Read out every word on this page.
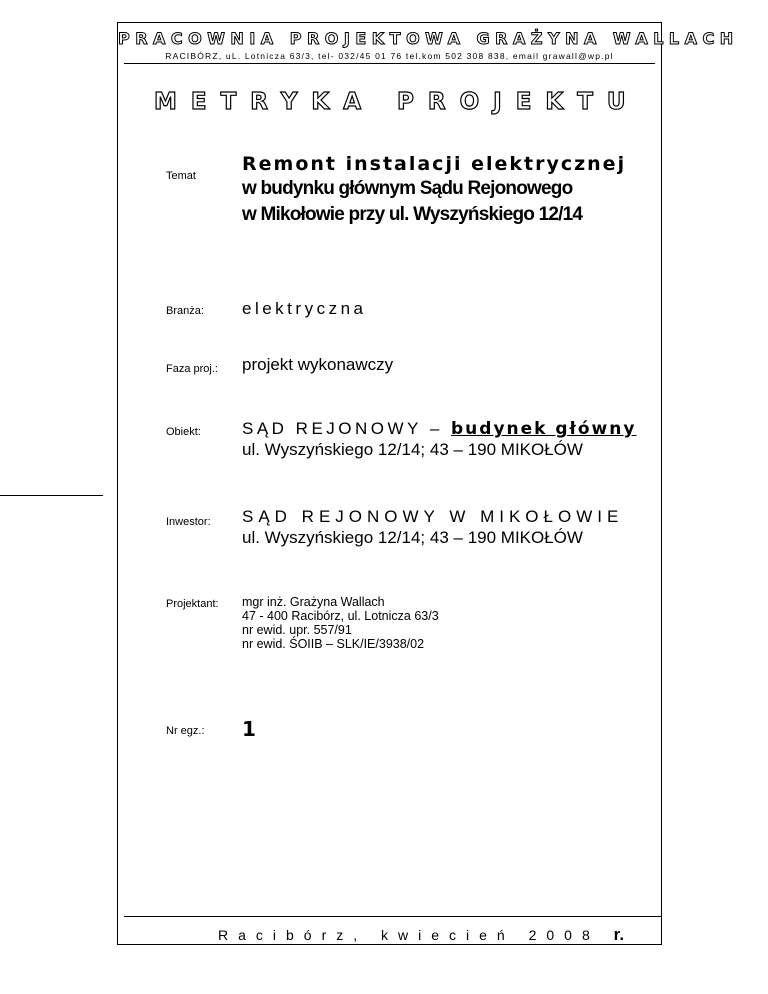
PRACOWNIA PROJEKTOWA GRAŻYNA WALLACH
RACIBÓRZ, uL. Lotnicza 63/3, tel- 032/45 01 76 tel.kom 502 308 838, email grawall@wp.pl
METRYKA PROJEKTU
Temat
Remont instalacji elektrycznej
w budynku głównym Sądu Rejonowego
w Mikołowie przy ul. Wyszyńskiego 12/14
Branża: elektryczna
Faza proj.: projekt wykonawczy
Obiekt: SĄD REJONOWY – budynek główny
ul. Wyszyńskiego 12/14; 43 – 190 MIKOŁÓW
Inwestor: SĄD REJONOWY W MIKOŁOWIE
ul. Wyszyńskiego 12/14; 43 – 190 MIKOŁÓW
Projektant: mgr inż. Grażyna Wallach
47 - 400 Racibórz, ul. Lotnicza 63/3
nr ewid. upr. 557/91
nr ewid. ŚOIIB – SLK/IE/3938/02
Nr egz.: 1
Racibórz, kwiecień 2008 r.
